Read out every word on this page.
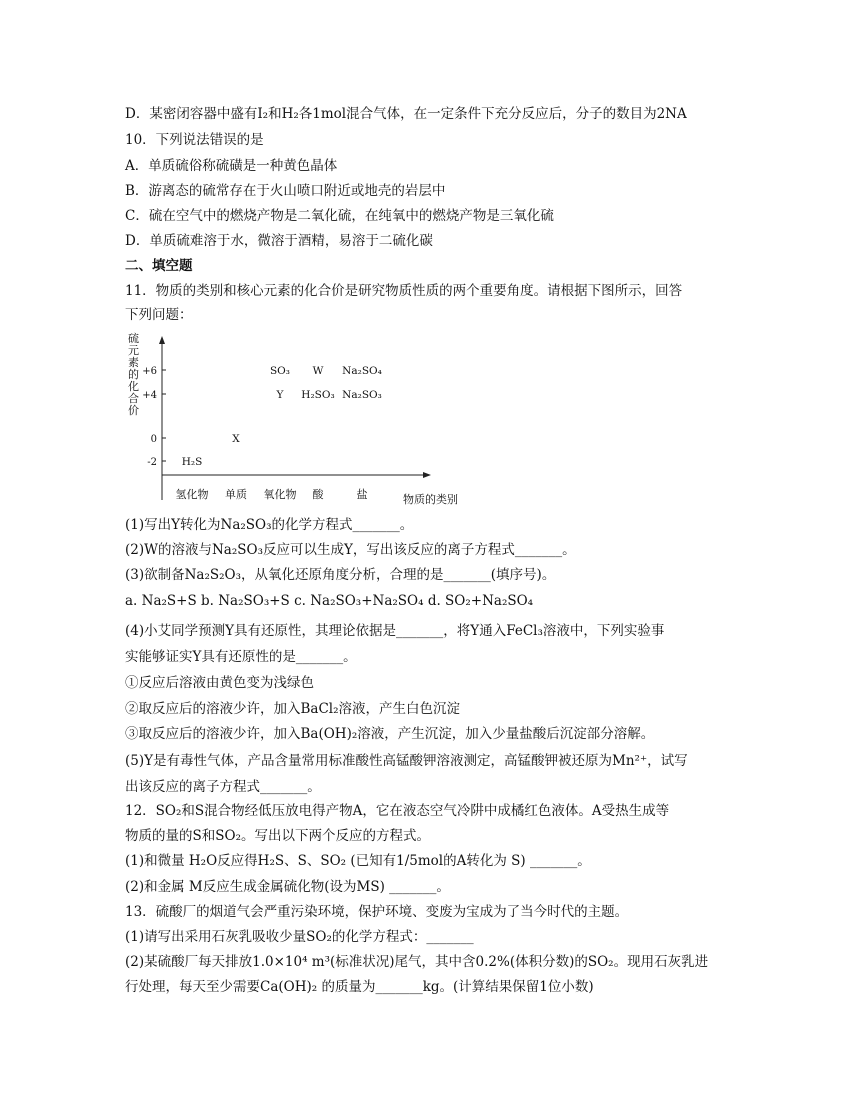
D．某密闭容器中盛有I₂和H₂各1mol混合气体，在一定条件下充分反应后，分子的数目为2NA
10．下列说法错误的是
A．单质硫俗称硫磺是一种黄色晶体
B．游离态的硫常存在于火山喷口附近或地壳的岩层中
C．硫在空气中的燃烧产物是二氧化硫，在纯氧中的燃烧产物是三氧化硫
D．单质硫难溶于水，微溶于酒精，易溶于二硫化碳
二、填空题
11．物质的类别和核心元素的化合价是研究物质性质的两个重要角度。请根据下图所示，回答
下列问题：
硫
元
素
的
化
合
价
+6
+4
0
-2
氢化物 单质 氧化物 酸	盐	物质的类别
SO₃ W Na₂SO₄
Y H₂SO₃ Na₂SO₃
X
H₂S
(1)写出Y转化为Na₂SO₃的化学方程式_______。
(2)W的溶液与Na₂SO₃反应可以生成Y，写出该反应的离子方程式_______。
(3)欲制备Na₂S₂O₃，从氧化还原角度分析，合理的是_______(填序号)。
a. Na₂S+S b. Na₂SO₃+S c. Na₂SO₃+Na₂SO₄ d. SO₂+Na₂SO₄
(4)小艾同学预测Y具有还原性，其理论依据是_______，将Y通入FeCl₃溶液中，下列实验事
实能够证实Y具有还原性的是_______。
①反应后溶液由黄色变为浅绿色
②取反应后的溶液少许，加入BaCl₂溶液，产生白色沉淀
③取反应后的溶液少许，加入Ba(OH)₂溶液，产生沉淀，加入少量盐酸后沉淀部分溶解。
(5)Y是有毒性气体，产品含量常用标准酸性高锰酸钾溶液测定，高锰酸钾被还原为Mn²⁺，试写
出该反应的离子方程式_______。
12．SO₂和S混合物经低压放电得产物A，它在液态空气冷阱中成橘红色液体。A受热生成等
物质的量的S和SO₂。写出以下两个反应的方程式。
(1)和微量 H₂O反应得H₂S、S、SO₂ (已知有1/5mol的A转化为 S) _______。
(2)和金属 M反应生成金属硫化物(设为MS) _______。
13．硫酸厂的烟道气会严重污染环境，保护环境、变废为宝成为了当今时代的主题。
(1)请写出采用石灰乳吸收少量SO₂的化学方程式：_______
(2)某硫酸厂每天排放1.0×10⁴ m³(标准状况)尾气，其中含0.2%(体积分数)的SO₂。现用石灰乳进
行处理，每天至少需要Ca(OH)₂ 的质量为_______kg。(计算结果保留1位小数)
